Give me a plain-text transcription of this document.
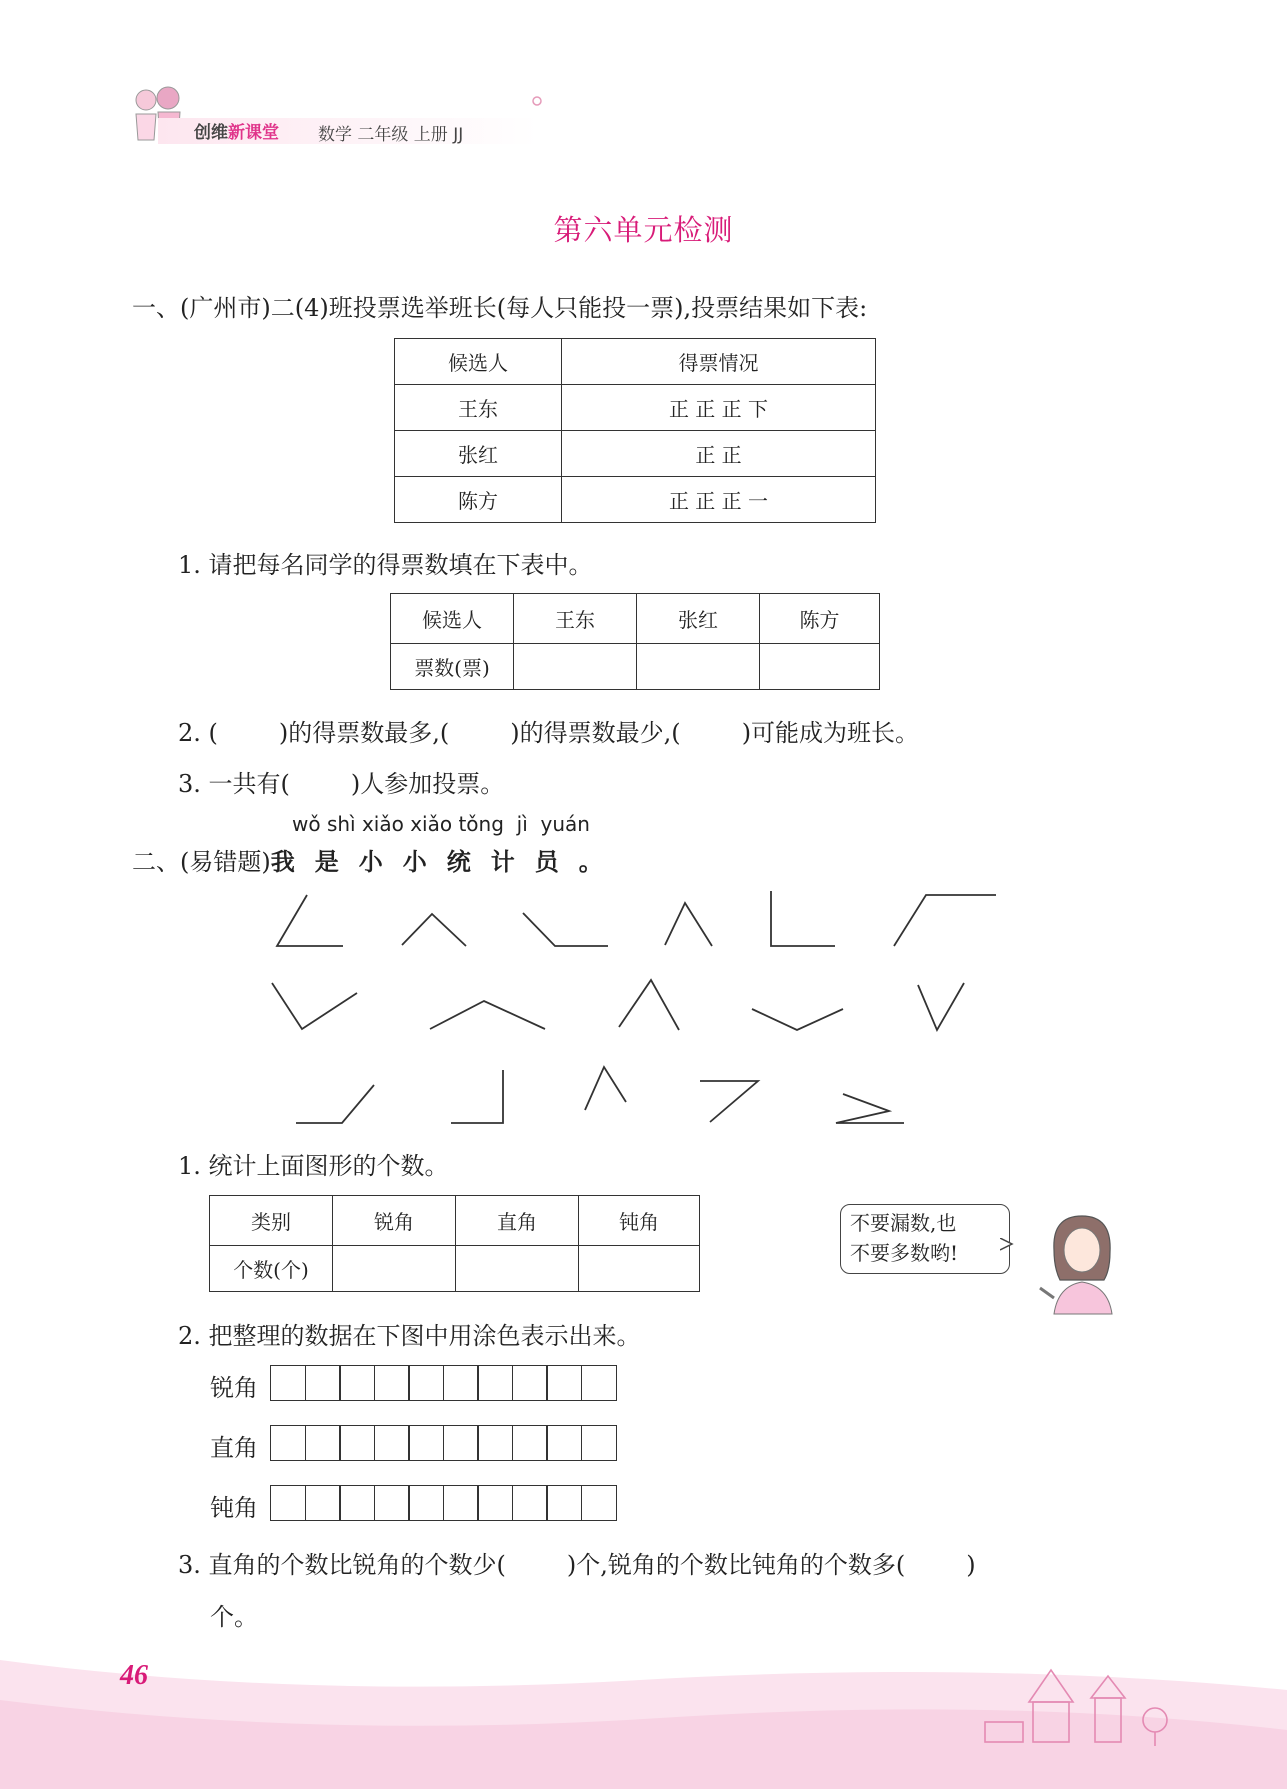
创维新课堂 数学 二年级 上册 JJ
第六单元检测
一、(广州市)二(4)班投票选举班长(每人只能投一票),投票结果如下表:
候选人	得票情况
王东	正 正 正 下
张红	正 正
陈方	正 正 正 一
1. 请把每名同学的得票数填在下表中。
候选人	王东	张红	陈方
票数(票)			
2. (        )的得票数最多,(        )的得票数最少,(        )可能成为班长。
3. 一共有(        )人参加投票。
wǒ shì xiǎo xiǎo tǒng jì yuán
二、(易错题)我是小小统计员。
1. 统计上面图形的个数。
类别	锐角	直角	钝角
个数(个)			
不要漏数,也
不要多数哟!
2. 把整理的数据在下图中用涂色表示出来。
锐角
直角
钝角
3. 直角的个数比锐角的个数少(        )个,锐角的个数比钝角的个数多(        )
个。
46
